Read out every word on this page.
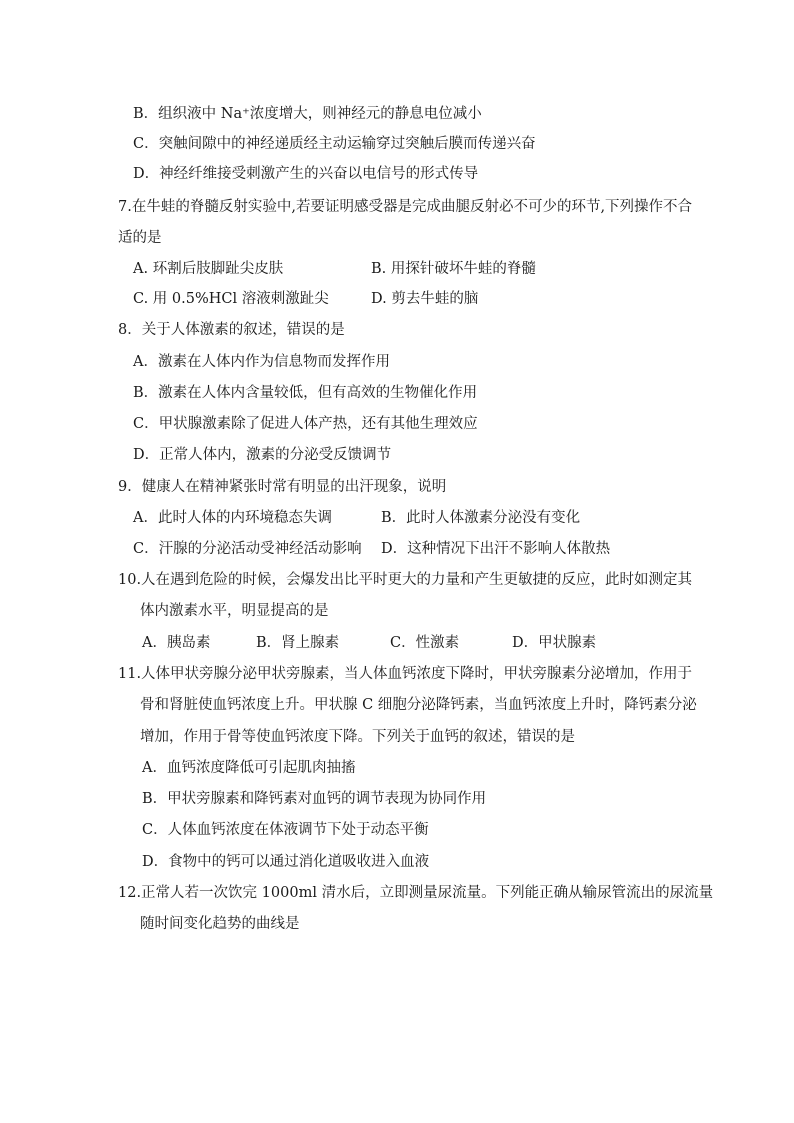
B．组织液中 Na⁺浓度增大，则神经元的静息电位减小
C．突触间隙中的神经递质经主动运输穿过突触后膜而传递兴奋
D．神经纤维接受刺激产生的兴奋以电信号的形式传导
7.在牛蛙的脊髓反射实验中,若要证明感受器是完成曲腿反射必不可少的环节,下列操作不合
适的是
A. 环割后肢脚趾尖皮肤	B. 用探针破坏牛蛙的脊髓
C. 用 0.5%HCl 溶液刺激趾尖	D. 剪去牛蛙的脑
8．关于人体激素的叙述，错误的是
A．激素在人体内作为信息物而发挥作用
B．激素在人体内含量较低，但有高效的生物催化作用
C．甲状腺激素除了促进人体产热，还有其他生理效应
D．正常人体内，激素的分泌受反馈调节
9．健康人在精神紧张时常有明显的出汗现象，说明
A．此时人体的内环境稳态失调	B．此时人体激素分泌没有变化
C．汗腺的分泌活动受神经活动影响 D．这种情况下出汗不影响人体散热
10.人在遇到危险的时候，会爆发出比平时更大的力量和产生更敏捷的反应，此时如测定其
体内激素水平，明显提高的是
A．胰岛素	B．肾上腺素	C．性激素	D．甲状腺素
11.人体甲状旁腺分泌甲状旁腺素，当人体血钙浓度下降时，甲状旁腺素分泌增加，作用于
骨和肾脏使血钙浓度上升。甲状腺 C 细胞分泌降钙素，当血钙浓度上升时，降钙素分泌
增加，作用于骨等使血钙浓度下降。下列关于血钙的叙述，错误的是
A．血钙浓度降低可引起肌肉抽搐
B．甲状旁腺素和降钙素对血钙的调节表现为协同作用
C．人体血钙浓度在体液调节下处于动态平衡
D．食物中的钙可以通过消化道吸收进入血液
12.正常人若一次饮完 1000ml 清水后，立即测量尿流量。下列能正确从输尿管流出的尿流量
随时间变化趋势的曲线是
